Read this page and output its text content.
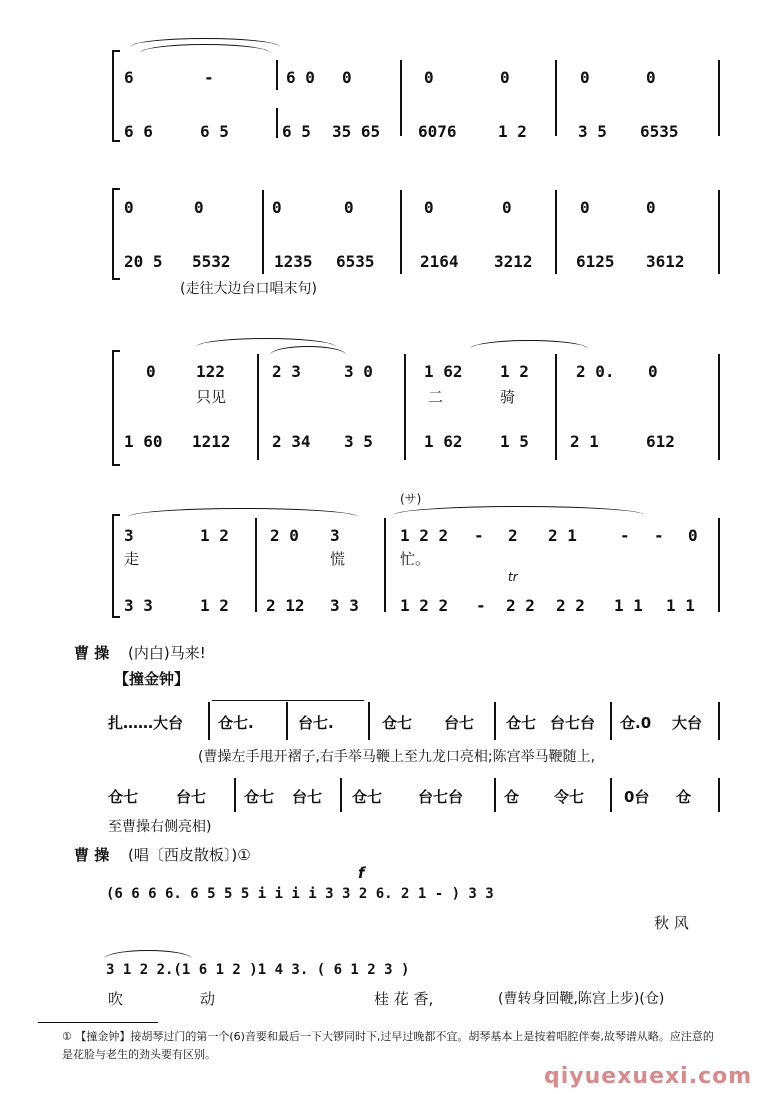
6	-	6 0 0	0	0	0	0
6 6	6 5	6 5 35 65 6076	1 2	3 5 6535
0	0	0	0	0	0	0	0
20 5 5532	1235 6535	2164 3212	6125 3612
(走往大边台口唱末句)
0	122	2 3	3 0	1 62 1 2	2 0. 0
只见	二	骑
1 60 1212	2 34 3 5	1 62 1 5	2 1	612
(サ)
3	1 2	2 0 3	1 2 2 - 2 2 1	- - 0
走	慌	忙。
tr
3 3	1 2 2 12 3 3	1 2 2 - 2 2 2 2 1 1 1 1
曹 操 (内白)马来!
【撞金钟】
扎……大台 仓七.	台七.	仓七 台七 仓七 台七台 仓.0 大台
(曹操左手甩开褶子,右手举马鞭上至九龙口亮相;陈宫举马鞭随上,
仓七	台七	仓七 台七 仓七 台七台	仓 令七	0台 仓
至曹操右侧亮相)
曹 操 (唱〔西皮散板〕)①
f
(6 6 6 6. 6 5 5 5 i i i i 3 3 2 6. 2 1 - ) 3 3
秋 风
3 1 2 2.(1 6 1 2 )1 4 3. ( 6 1 2 3 )
吹	动	桂 花 香,	(曹转身回鞭,陈宫上步)(仓)
① 【撞金钟】接胡琴过门的第一个(6)音要和最后一下大锣同时下,过早过晚都不宜。胡琴基本上是按着唱腔伴奏,故琴谱从略。应注意的是花脸与老生的劲头要有区别。
qiyuexuexi.com
